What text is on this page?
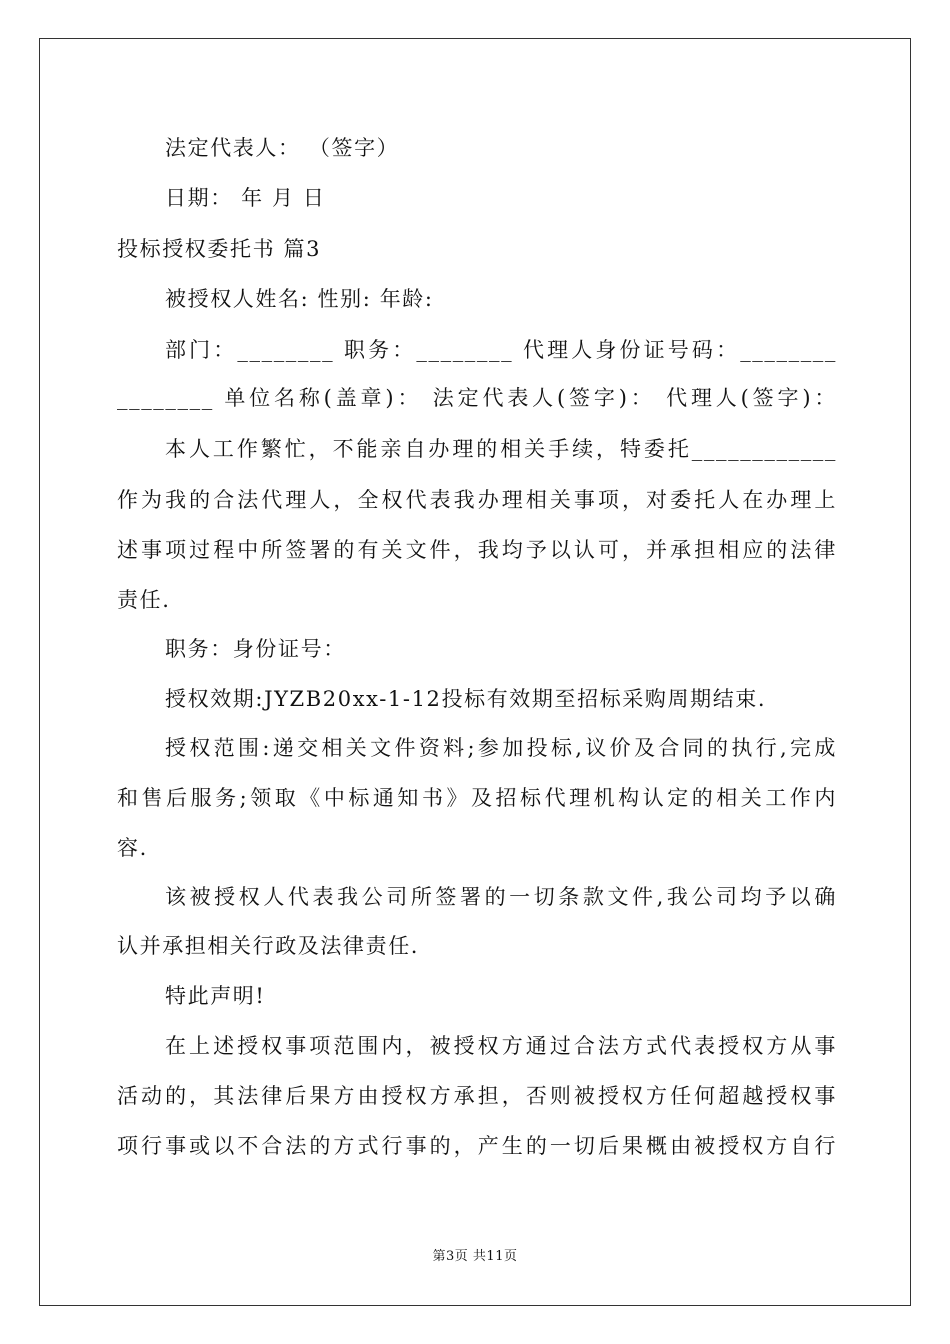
法定代表人： （签字）
日期： 年 月 日
投标授权委托书 篇3
被授权人姓名: 性别: 年龄:
部门：________ 职务：________ 代理人身份证号码：________
________ 单位名称(盖章)： 法定代表人(签字)： 代理人(签字)：
本人工作繁忙，不能亲自办理的相关手续，特委托____________
作为我的合法代理人，全权代表我办理相关事项，对委托人在办理上
述事项过程中所签署的有关文件，我均予以认可，并承担相应的法律
责任.
职务：身份证号：
授权效期:JYZB20xx-1-12投标有效期至招标采购周期结束.
授权范围:递交相关文件资料;参加投标,议价及合同的执行,完成
和售后服务;领取《中标通知书》及招标代理机构认定的相关工作内
容.
该被授权人代表我公司所签署的一切条款文件,我公司均予以确
认并承担相关行政及法律责任.
特此声明!
在上述授权事项范围内，被授权方通过合法方式代表授权方从事
活动的，其法律后果方由授权方承担，否则被授权方任何超越授权事
项行事或以不合法的方式行事的，产生的一切后果概由被授权方自行
第3页 共11页
